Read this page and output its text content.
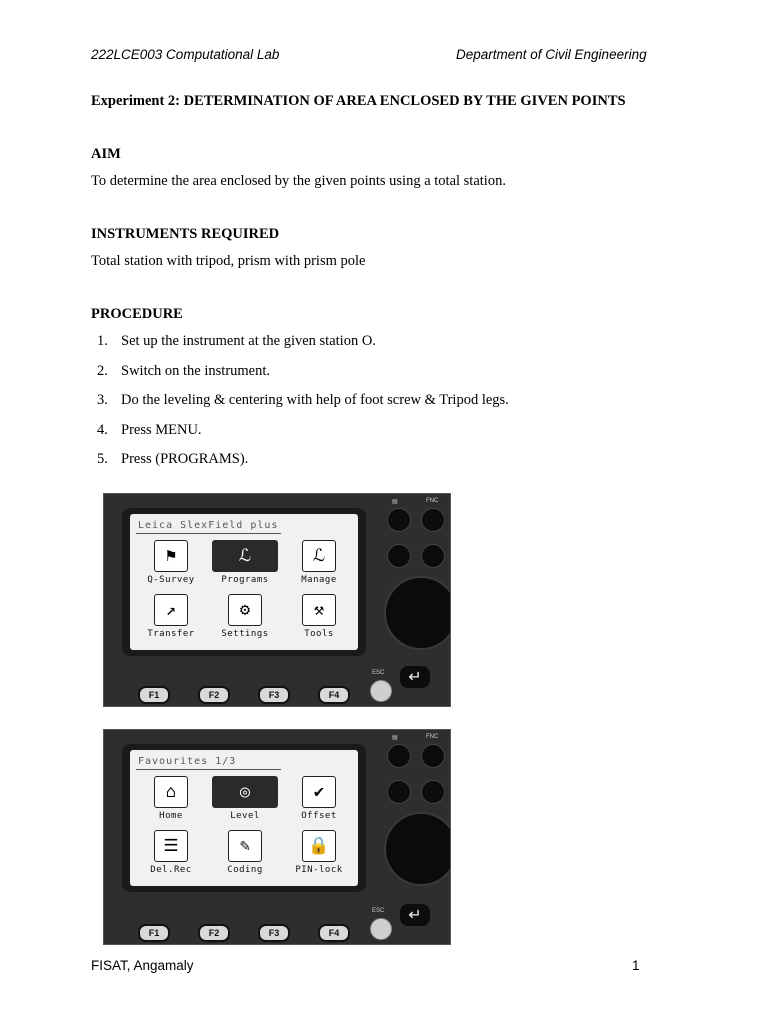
222LCE003 Computational Lab	Department of Civil Engineering
Experiment 2: DETERMINATION OF AREA ENCLOSED BY THE GIVEN POINTS
AIM
To determine the area enclosed by the given points using a total station.
INSTRUMENTS REQUIRED
Total station with tripod, prism with prism pole
PROCEDURE
1. Set up the instrument at the given station O.
2. Switch on the instrument.
3. Do the leveling & centering with help of foot screw & Tripod legs.
4. Press MENU.
5. Press (PROGRAMS).
Leica SlexField plus
⚑
Q-Survey
ℒ
Programs
ℒ
Manage
↗
Transfer
⚙
Settings
⚒
Tools
▤	FNC
ESC	↵
F1	F2	F3	F4
Favourites 1/3
⌂
Home
◎
Level
✔
Offset
☰
Del.Rec
✎
Coding
🔒
PIN-lock
▤	FNC
ESC	↵
F1	F2	F3	F4
FISAT, Angamaly	1
